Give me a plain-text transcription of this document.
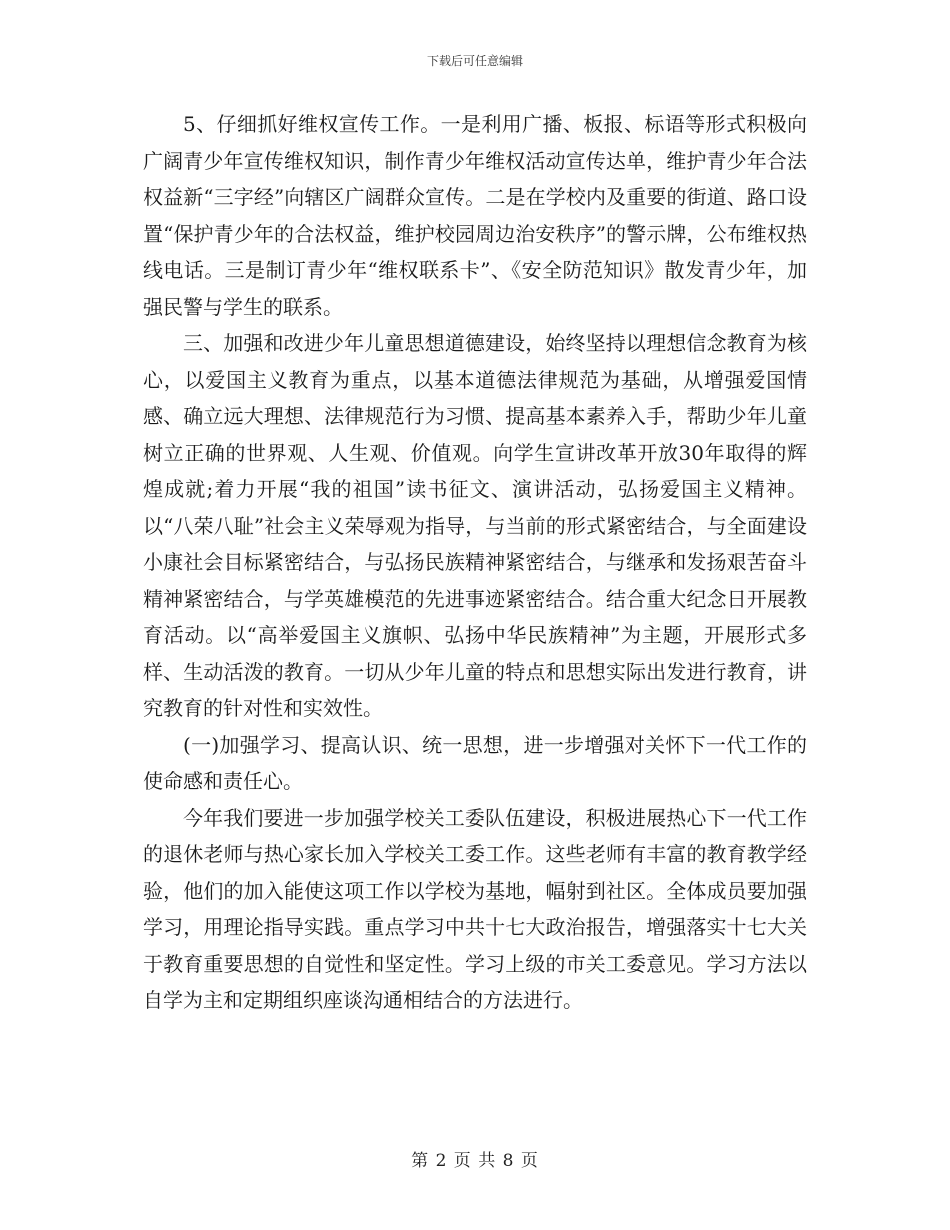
下载后可任意编辑

5、仔细抓好维权宣传工作。一是利用广播、板报、标语等形式积极向广阔青少年宣传维权知识，制作青少年维权活动宣传达单，维护青少年合法权益新“三字经”向辖区广阔群众宣传。二是在学校内及重要的街道、路口设置“保护青少年的合法权益，维护校园周边治安秩序”的警示牌，公布维权热线电话。三是制订青少年“维权联系卡”、《安全防范知识》散发青少年，加强民警与学生的联系。

三、加强和改进少年儿童思想道德建设，始终坚持以理想信念教育为核心，以爱国主义教育为重点，以基本道德法律规范为基础，从增强爱国情感、确立远大理想、法律规范行为习惯、提高基本素养入手，帮助少年儿童树立正确的世界观、人生观、价值观。向学生宣讲改革开放30年取得的辉煌成就;着力开展“我的祖国”读书征文、演讲活动，弘扬爱国主义精神。以“八荣八耻”社会主义荣辱观为指导，与当前的形式紧密结合，与全面建设小康社会目标紧密结合，与弘扬民族精神紧密结合，与继承和发扬艰苦奋斗精神紧密结合，与学英雄模范的先进事迹紧密结合。结合重大纪念日开展教育活动。以“高举爱国主义旗帜、弘扬中华民族精神”为主题，开展形式多样、生动活泼的教育。一切从少年儿童的特点和思想实际出发进行教育，讲究教育的针对性和实效性。

(一)加强学习、提高认识、统一思想，进一步增强对关怀下一代工作的使命感和责任心。

今年我们要进一步加强学校关工委队伍建设，积极进展热心下一代工作的退休老师与热心家长加入学校关工委工作。这些老师有丰富的教育教学经验，他们的加入能使这项工作以学校为基地，幅射到社区。全体成员要加强学习，用理论指导实践。重点学习中共十七大政治报告，增强落实十七大关于教育重要思想的自觉性和坚定性。学习上级的市关工委意见。学习方法以自学为主和定期组织座谈沟通相结合的方法进行。

第 2 页 共 8 页
